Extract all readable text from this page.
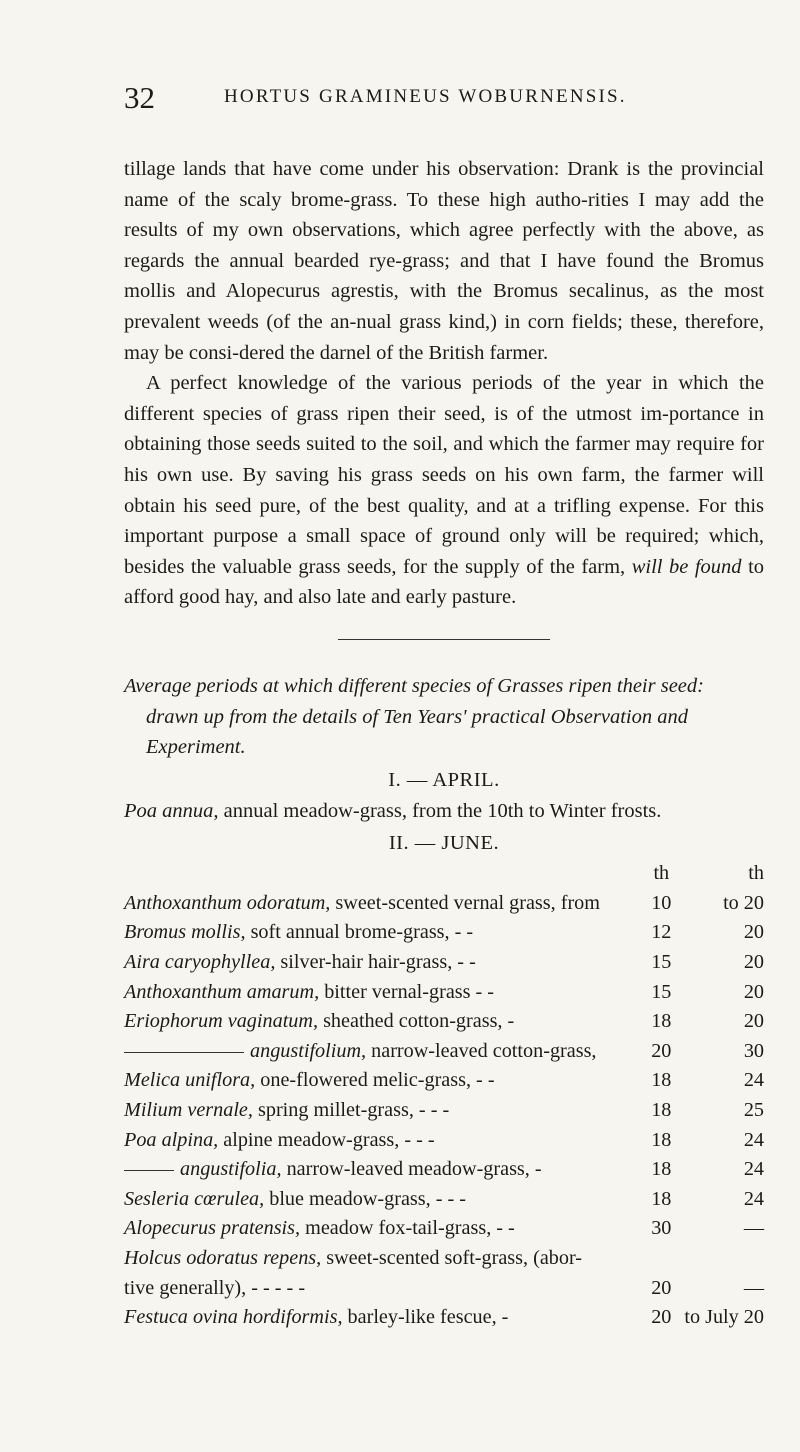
32	HORTUS GRAMINEUS WOBURNENSIS.

tillage lands that have come under his observation: Drank is the provincial name of the scaly brome-grass. To these high autho-rities I may add the results of my own observations, which agree perfectly with the above, as regards the annual bearded rye-grass; and that I have found the Bromus mollis and Alopecurus agrestis, with the Bromus secalinus, as the most prevalent weeds (of the an-nual grass kind,) in corn fields; these, therefore, may be consi-dered the darnel of the British farmer.

A perfect knowledge of the various periods of the year in which the different species of grass ripen their seed, is of the utmost im-portance in obtaining those seeds suited to the soil, and which the farmer may require for his own use. By saving his grass seeds on his own farm, the farmer will obtain his seed pure, of the best quality, and at a trifling expense. For this important purpose a small space of ground only will be required; which, besides the valuable grass seeds, for the supply of the farm, will be found to afford good hay, and also late and early pasture.

Average periods at which different species of Grasses ripen their seed:
drawn up from the details of Ten Years' practical Observation and Experiment.

I. — APRIL.

Poa annua, annual meadow-grass, from the 10th to Winter frosts.

II. — JUNE.
	th	th
Anthoxanthum odoratum, sweet-scented vernal grass, from	10	to 20
Bromus mollis, soft annual brome-grass, - -	12	20
Aira caryophyllea, silver-hair hair-grass, - -	15	20
Anthoxanthum amarum, bitter vernal-grass - -	15	20
Eriophorum vaginatum, sheathed cotton-grass, -	18	20
angustifolium, narrow-leaved cotton-grass,	20	30
Melica uniflora, one-flowered melic-grass, - -	18	24
Milium vernale, spring millet-grass, - - -	18	25
Poa alpina, alpine meadow-grass, - - -	18	24
angustifolia, narrow-leaved meadow-grass, -	18	24
Sesleria cœrulea, blue meadow-grass, - - -	18	24
Alopecurus pratensis, meadow fox-tail-grass, - -	30	—
Holcus odoratus repens, sweet-scented soft-grass, (abor-		
tive generally), - - - - -	20	—
Festuca ovina hordiformis, barley-like fescue, -	20	to July 20
